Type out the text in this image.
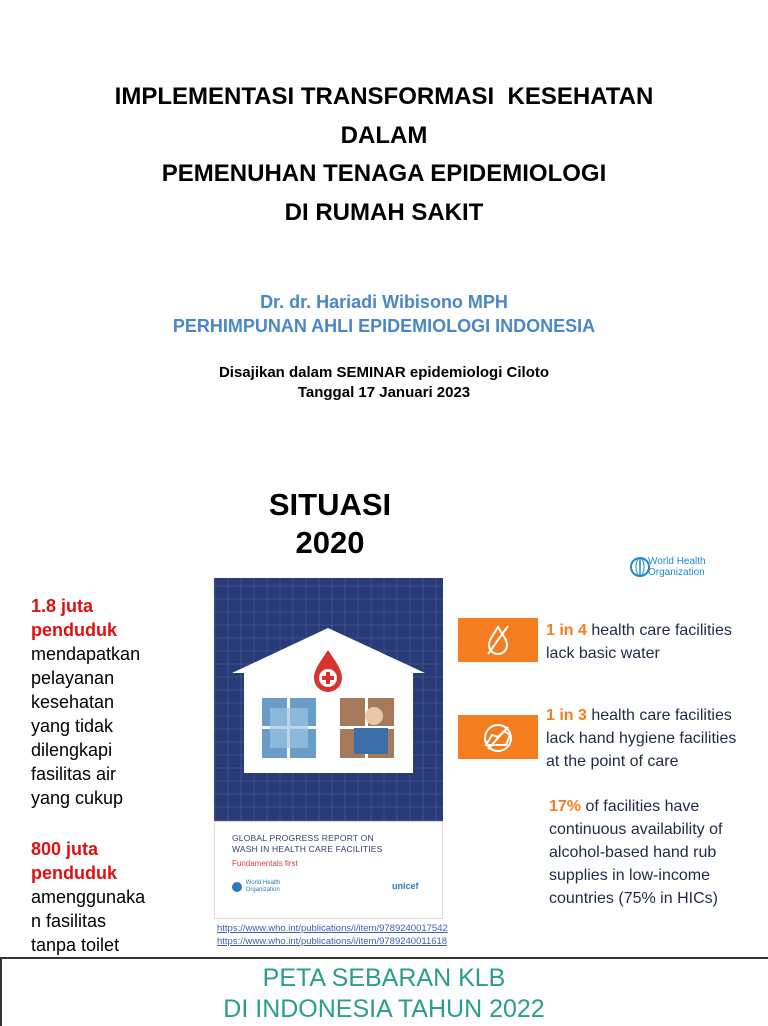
IMPLEMENTASI TRANSFORMASI  KESEHATAN
DALAM
PEMENUHAN TENAGA EPIDEMIOLOGI
DI RUMAH SAKIT
Dr. dr. Hariadi Wibisono MPH
PERHIMPUNAN AHLI EPIDEMIOLOGI INDONESIA
Disajikan dalam SEMINAR epidemiologi Ciloto
Tanggal 17 Januari 2023
SITUASI
2020
1.8 juta
penduduk
mendapatkan
pelayanan
kesehatan
yang tidak
dilengkapi
fasilitas air
yang cukup
800 juta
penduduk
amenggunaka
n fasilitas
tanpa toilet
GLOBAL PROGRESS REPORT ON
WASH IN HEALTH CARE FACILITIES
Fundamentals first

World Health
Organization	unicef
World Health
Organization
1 in 4 health care facilities
lack basic water
1 in 3 health care facilities
lack hand hygiene facilities
at the point of care
17% of facilities have
continuous availability of
alcohol-based hand rub
supplies in low-income
countries (75% in HICs)
https://www.who.int/publications/i/item/9789240017542
https://www.who.int/publications/i/item/9789240011618
PETA SEBARAN KLB
DI INDONESIA TAHUN 2022
